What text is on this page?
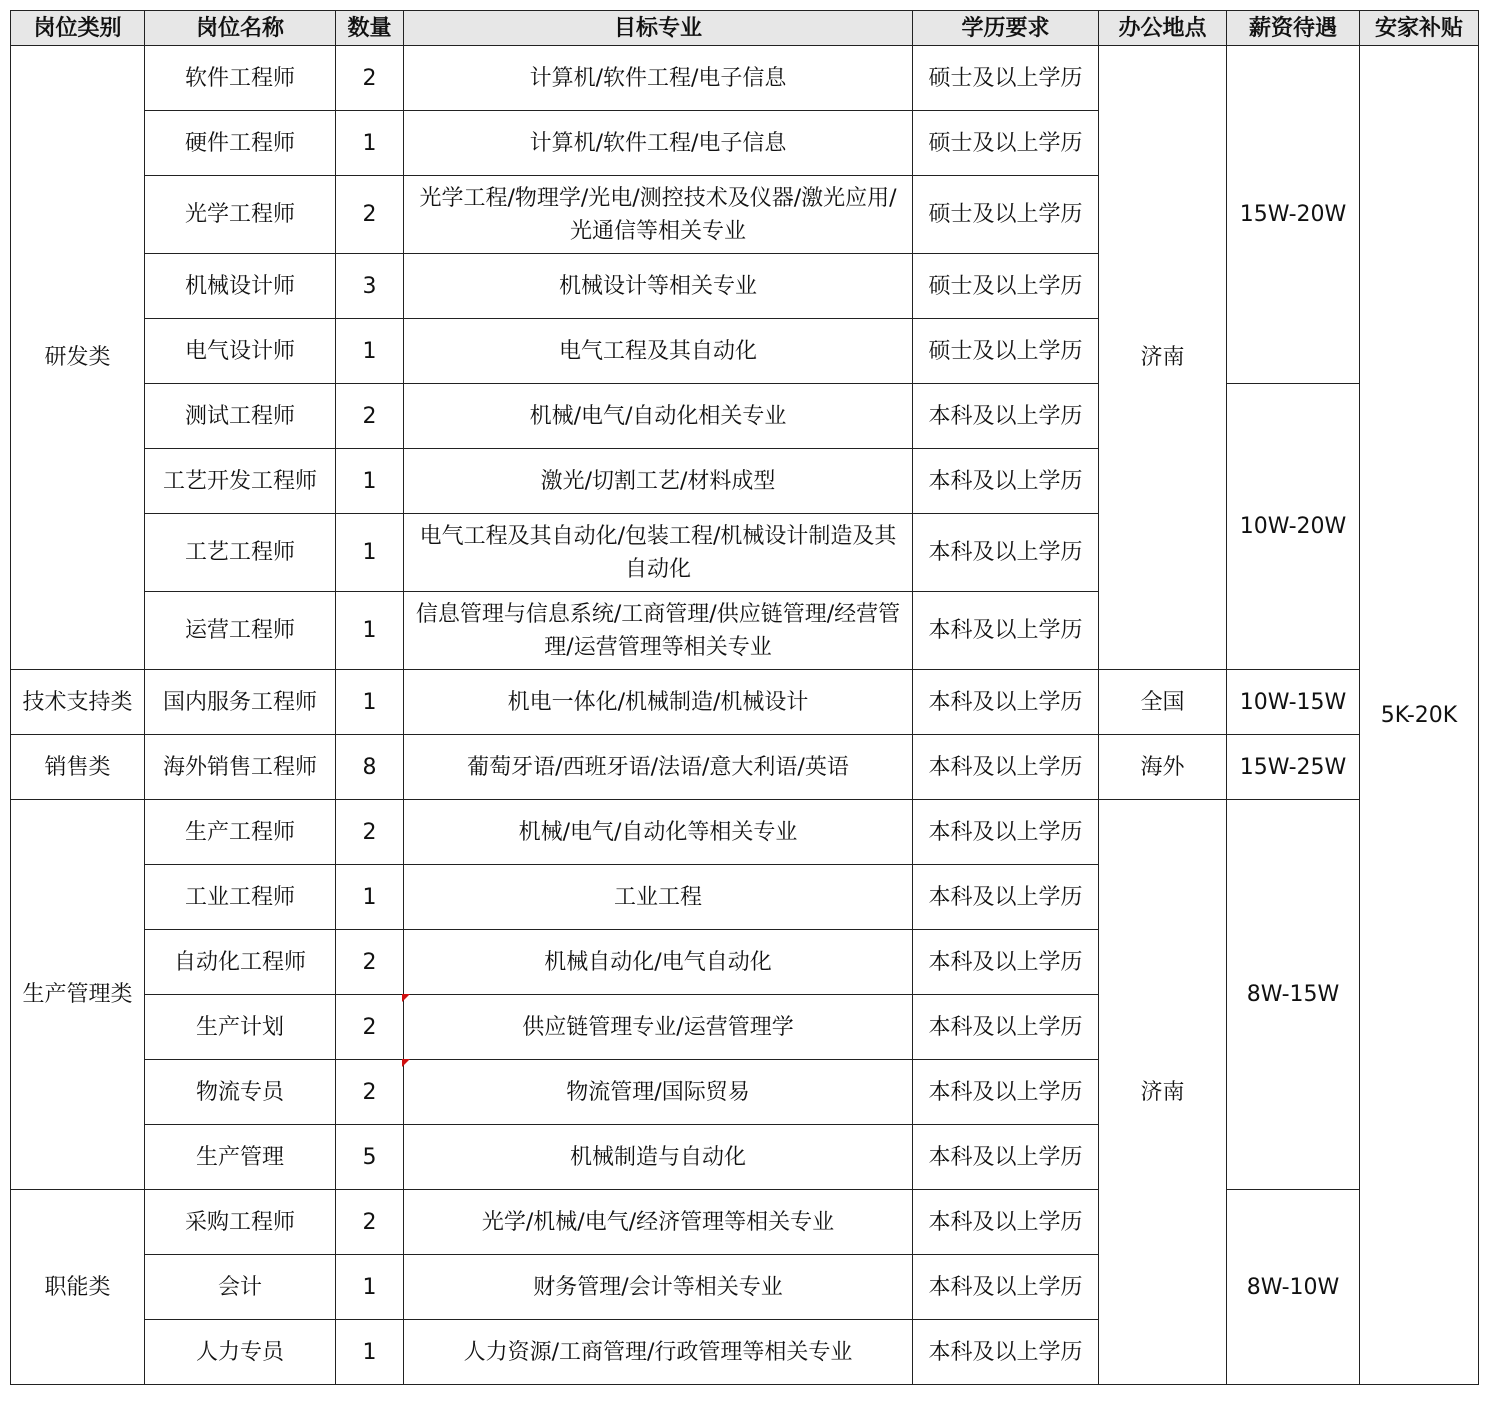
岗位类别	岗位名称	数量	目标专业	学历要求	办公地点	薪资待遇	安家补贴
研发类	软件工程师	2	计算机/软件工程/电子信息	硕士及以上学历	济南	15W-20W	5K-20K
	硬件工程师	1	计算机/软件工程/电子信息	硕士及以上学历			
	光学工程师	2	光学工程/物理学/光电/测控技术及仪器/激光应用/光通信等相关专业	硕士及以上学历			
	机械设计师	3	机械设计等相关专业	硕士及以上学历			
	电气设计师	1	电气工程及其自动化	硕士及以上学历			
	测试工程师	2	机械/电气/自动化相关专业	本科及以上学历		10W-20W	
	工艺开发工程师	1	激光/切割工艺/材料成型	本科及以上学历			
	工艺工程师	1	电气工程及其自动化/包装工程/机械设计制造及其自动化	本科及以上学历			
	运营工程师	1	信息管理与信息系统/工商管理/供应链管理/经营管理/运营管理等相关专业	本科及以上学历			
技术支持类	国内服务工程师	1	机电一体化/机械制造/机械设计	本科及以上学历	全国	10W-15W	
销售类	海外销售工程师	8	葡萄牙语/西班牙语/法语/意大利语/英语	本科及以上学历	海外	15W-25W	
生产管理类	生产工程师	2	机械/电气/自动化等相关专业	本科及以上学历	济南	8W-15W	
	工业工程师	1	工业工程	本科及以上学历			
	自动化工程师	2	机械自动化/电气自动化	本科及以上学历			
	生产计划	2	供应链管理专业/运营管理学	本科及以上学历			
	物流专员	2	物流管理/国际贸易	本科及以上学历			
	生产管理	5	机械制造与自动化	本科及以上学历			
职能类	采购工程师	2	光学/机械/电气/经济管理等相关专业	本科及以上学历		8W-10W	
	会计	1	财务管理/会计等相关专业	本科及以上学历			
	人力专员	1	人力资源/工商管理/行政管理等相关专业	本科及以上学历			
